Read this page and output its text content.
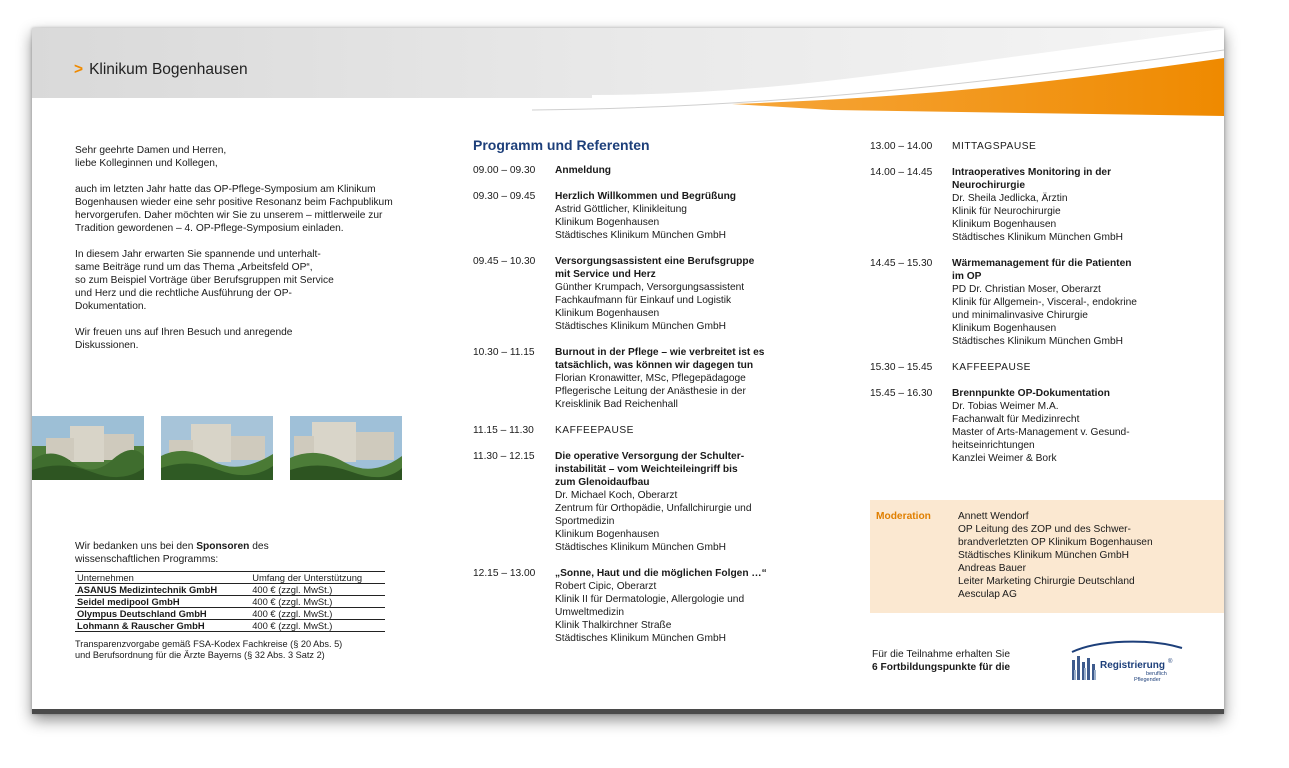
> Klinikum Bogenhausen

Sehr geehrte Damen und Herren,
liebe Kolleginnen und Kollegen,

auch im letzten Jahr hatte das OP-Pflege-Symposium am Klinikum Bogenhausen wieder eine sehr positive Resonanz beim Fachpublikum hervorgerufen. Daher möchten wir Sie zu unserem – mittlerweile zur Tradition gewordenen – 4. OP-Pflege-Symposium einladen.

In diesem Jahr erwarten Sie spannende und unterhalt-
same Beiträge rund um das Thema „Arbeitsfeld OP“,
so zum Beispiel Vorträge über Berufsgruppen mit Service
und Herz und die rechtliche Ausführung der OP-
Dokumentation.

Wir freuen uns auf Ihren Besuch und anregende
Diskussionen.

Wir bedanken uns bei den Sponsoren des
wissenschaftlichen Programms:
Unternehmen	Umfang der Unterstützung
ASANUS Medizintechnik GmbH	400 € (zzgl. MwSt.)
Seidel medipool GmbH	400 € (zzgl. MwSt.)
Olympus Deutschland GmbH	400 € (zzgl. MwSt.)
Lohmann & Rauscher GmbH	400 € (zzgl. MwSt.)
Transparenzvorgabe gemäß FSA-Kodex Fachkreise (§ 20 Abs. 5)
und Berufsordnung für die Ärzte Bayerns (§ 32 Abs. 3 Satz 2)
Programm und Referenten
09.00 – 09.30 Anmeldung
09.30 – 09.45 Herzlich Willkommen und Begrüßung
Astrid Göttlicher, Klinikleitung
Klinikum Bogenhausen
Städtisches Klinikum München GmbH
09.45 – 10.30 Versorgungsassistent eine Berufsgruppe
mit Service und Herz
Günther Krumpach, Versorgungsassistent
Fachkaufmann für Einkauf und Logistik
Klinikum Bogenhausen
Städtisches Klinikum München GmbH
10.30 – 11.15 Burnout in der Pflege – wie verbreitet ist es
tatsächlich, was können wir dagegen tun
Florian Kronawitter, MSc, Pflegepädagoge
Pflegerische Leitung der Anästhesie in der
Kreisklinik Bad Reichenhall
11.15 – 11.30 KAFFEEPAUSE
11.30 – 12.15 Die operative Versorgung der Schulter-
instabilität – vom Weichteileingriff bis
zum Glenoidaufbau
Dr. Michael Koch, Oberarzt
Zentrum für Orthopädie, Unfallchirurgie und
Sportmedizin
Klinikum Bogenhausen
Städtisches Klinikum München GmbH
12.15 – 13.00 „Sonne, Haut und die möglichen Folgen …“
Robert Cipic, Oberarzt
Klinik II für Dermatologie, Allergologie und
Umweltmedizin
Klinik Thalkirchner Straße
Städtisches Klinikum München GmbH
13.00 – 14.00 MITTAGSPAUSE
14.00 – 14.45 Intraoperatives Monitoring in der
Neurochirurgie
Dr. Sheila Jedlicka, Ärztin
Klinik für Neurochirurgie
Klinikum Bogenhausen
Städtisches Klinikum München GmbH
14.45 – 15.30 Wärmemanagement für die Patienten
im OP
PD Dr. Christian Moser, Oberarzt
Klinik für Allgemein-, Visceral-, endokrine
und minimalinvasive Chirurgie
Klinikum Bogenhausen
Städtisches Klinikum München GmbH
15.30 – 15.45 KAFFEEPAUSE
15.45 – 16.30 Brennpunkte OP-Dokumentation
Dr. Tobias Weimer M.A.
Fachanwalt für Medizinrecht
Master of Arts-Management v. Gesund-
heitseinrichtungen
Kanzlei Weimer & Bork
Moderation	Annett Wendorf
OP Leitung des ZOP und des Schwer-
brandverletzten OP Klinikum Bogenhausen
Städtisches Klinikum München GmbH
Andreas Bauer
Leiter Marketing Chirurgie Deutschland
Aesculap AG
Für die Teilnahme erhalten Sie
6 Fortbildungspunkte für die	Registrierung ®
beruflich
Pflegender
